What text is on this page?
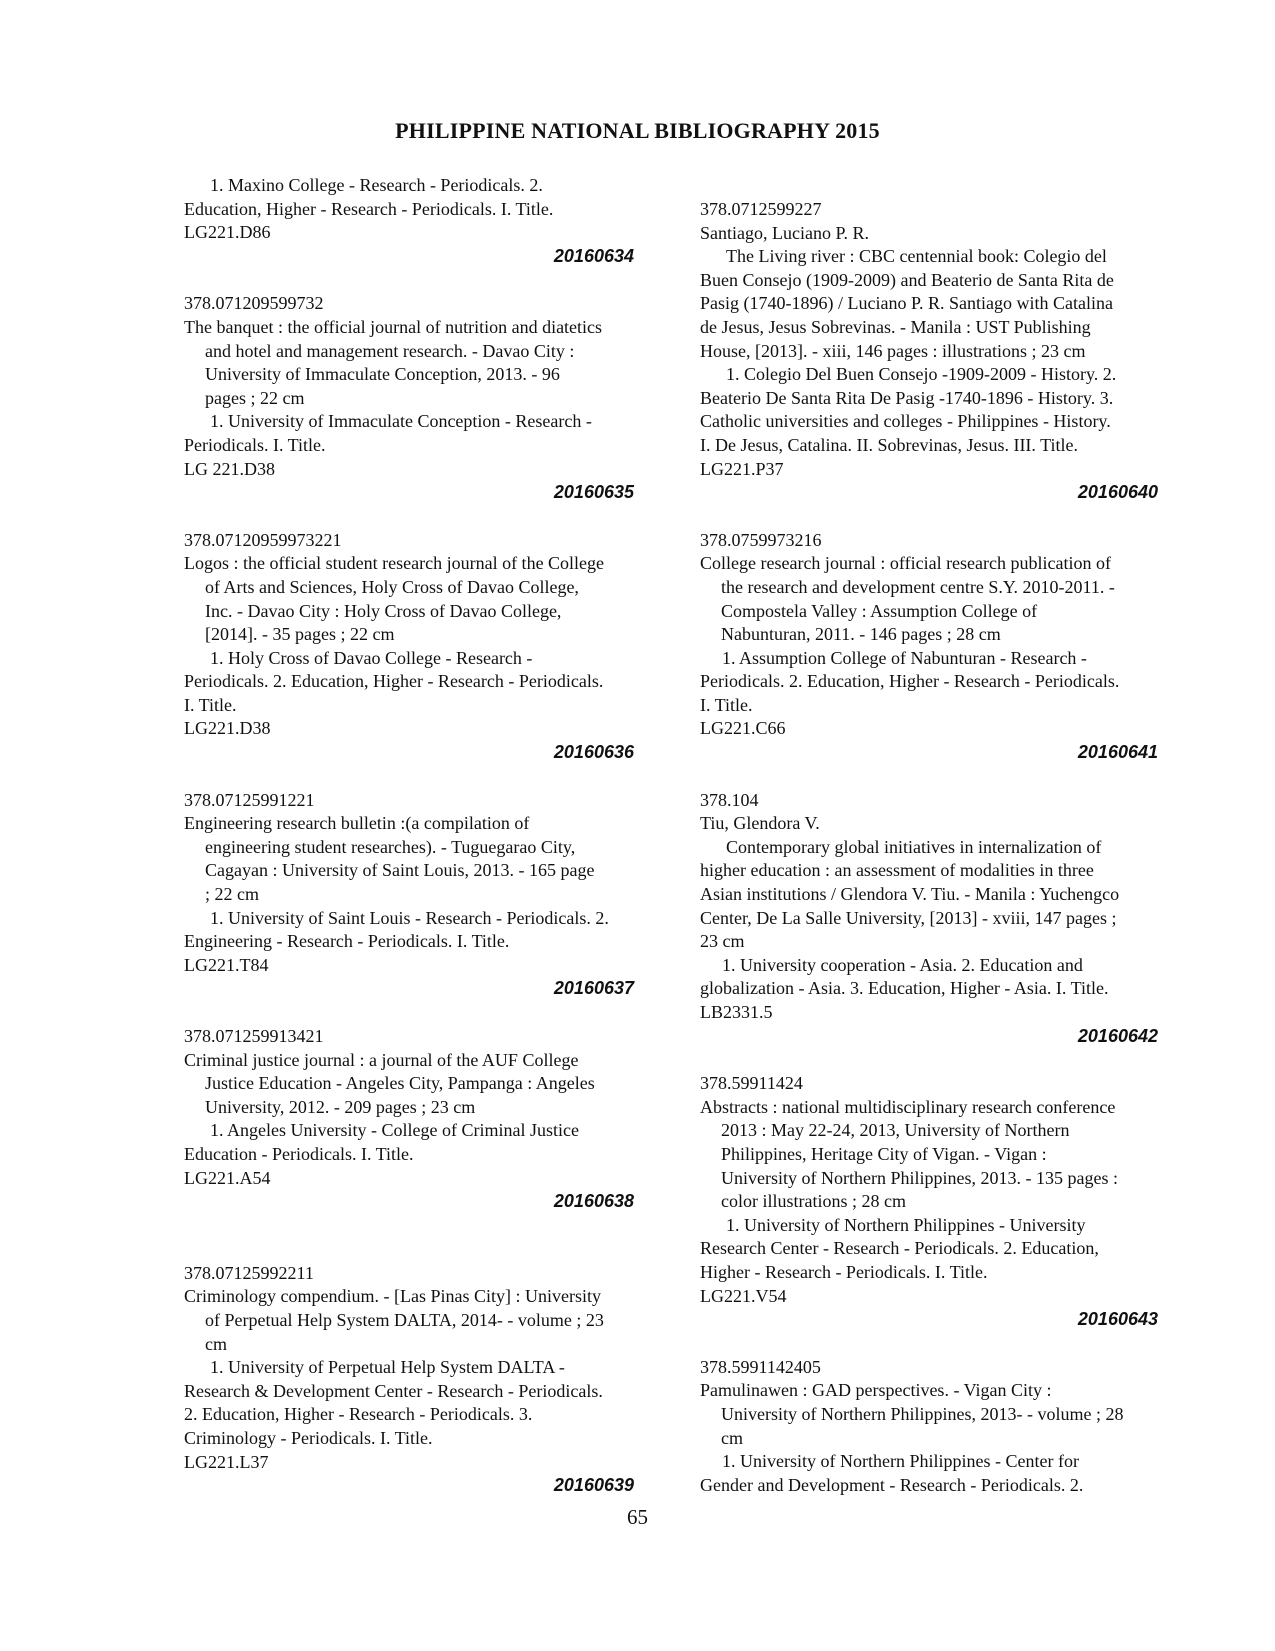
PHILIPPINE NATIONAL BIBLIOGRAPHY 2015
1. Maxino College - Research - Periodicals. 2.
Education, Higher - Research - Periodicals. I. Title.
LG221.D86
20160634
378.071209599732
The banquet : the official journal of nutrition and diatetics
and hotel and management research. - Davao City :
University of Immaculate Conception, 2013. - 96
pages ; 22 cm
1. University of Immaculate Conception - Research -
Periodicals. I. Title.
LG 221.D38
20160635
378.07120959973221
Logos : the official student research journal of the College
of Arts and Sciences, Holy Cross of Davao College,
Inc. - Davao City : Holy Cross of Davao College,
[2014]. - 35 pages ; 22 cm
1. Holy Cross of Davao College - Research -
Periodicals. 2. Education, Higher - Research - Periodicals.
I. Title.
LG221.D38
20160636
378.07125991221
Engineering research bulletin :(a compilation of
engineering student researches). - Tuguegarao City,
Cagayan : University of Saint Louis, 2013. - 165 page
; 22 cm
1. University of Saint Louis - Research - Periodicals. 2.
Engineering - Research - Periodicals. I. Title.
LG221.T84
20160637
378.071259913421
Criminal justice journal : a journal of the AUF College
Justice Education - Angeles City, Pampanga : Angeles
University, 2012. - 209 pages ; 23 cm
1. Angeles University - College of Criminal Justice
Education - Periodicals. I. Title.
LG221.A54
20160638
378.07125992211
Criminology compendium. - [Las Pinas City] : University
of Perpetual Help System DALTA, 2014- - volume ; 23
cm
1. University of Perpetual Help System DALTA -
Research & Development Center - Research - Periodicals.
2. Education, Higher - Research - Periodicals. 3.
Criminology - Periodicals. I. Title.
LG221.L37
20160639
378.0712599227
Santiago, Luciano P. R.
The Living river : CBC centennial book: Colegio del
Buen Consejo (1909-2009) and Beaterio de Santa Rita de
Pasig (1740-1896) / Luciano P. R. Santiago with Catalina
de Jesus, Jesus Sobrevinas. - Manila : UST Publishing
House, [2013]. - xiii, 146 pages : illustrations ; 23 cm
1. Colegio Del Buen Consejo -1909-2009 - History. 2.
Beaterio De Santa Rita De Pasig -1740-1896 - History. 3.
Catholic universities and colleges - Philippines - History.
I. De Jesus, Catalina. II. Sobrevinas, Jesus. III. Title.
LG221.P37
20160640
378.0759973216
College research journal : official research publication of
the research and development centre S.Y. 2010-2011. -
Compostela Valley : Assumption College of
Nabunturan, 2011. - 146 pages ; 28 cm
1. Assumption College of Nabunturan - Research -
Periodicals. 2. Education, Higher - Research - Periodicals.
I. Title.
LG221.C66
20160641
378.104
Tiu, Glendora V.
Contemporary global initiatives in internalization of
higher education : an assessment of modalities in three
Asian institutions / Glendora V. Tiu. - Manila : Yuchengco
Center, De La Salle University, [2013] - xviii, 147 pages ;
23 cm
1. University cooperation - Asia. 2. Education and
globalization - Asia. 3. Education, Higher - Asia. I. Title.
LB2331.5
20160642
378.59911424
Abstracts : national multidisciplinary research conference
2013 : May 22-24, 2013, University of Northern
Philippines, Heritage City of Vigan. - Vigan :
University of Northern Philippines, 2013. - 135 pages :
color illustrations ; 28 cm
1. University of Northern Philippines - University
Research Center - Research - Periodicals. 2. Education,
Higher - Research - Periodicals. I. Title.
LG221.V54
20160643
378.5991142405
Pamulinawen : GAD perspectives. - Vigan City :
University of Northern Philippines, 2013- - volume ; 28
cm
1. University of Northern Philippines - Center for
Gender and Development - Research - Periodicals. 2.
65
